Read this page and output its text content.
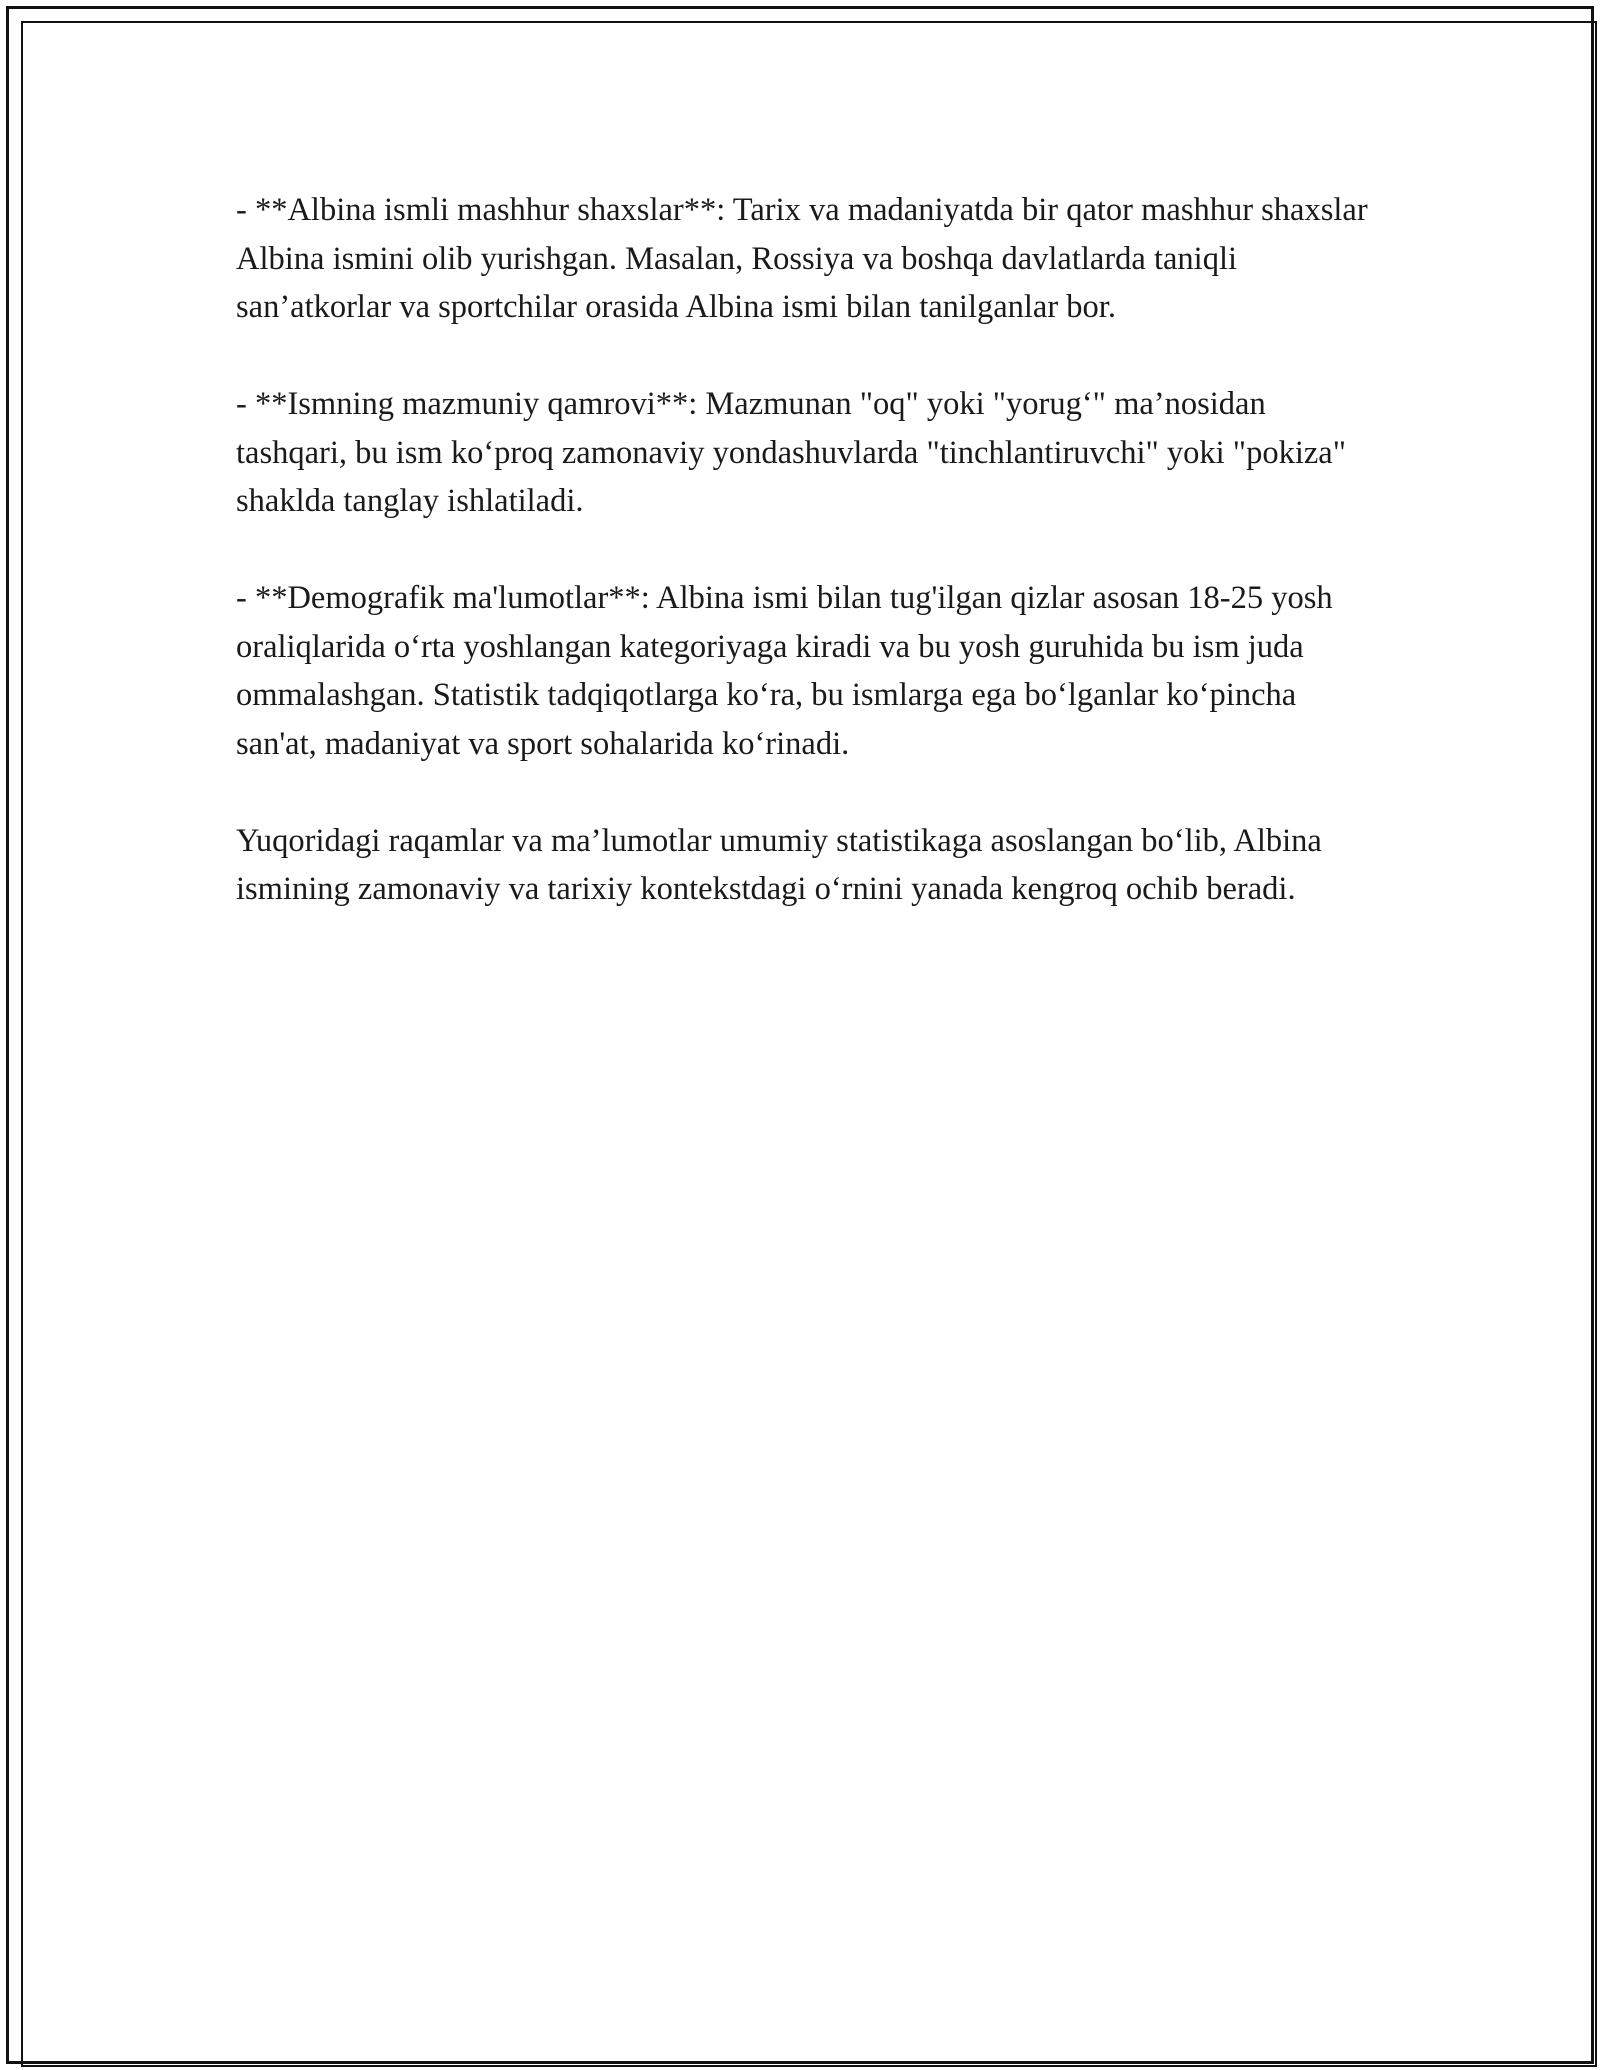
- **Albina ismli mashhur shaxslar**: Tarix va madaniyatda bir qator mashhur shaxslar Albina ismini olib yurishgan. Masalan, Rossiya va boshqa davlatlarda taniqli san’atkorlar va sportchilar orasida Albina ismi bilan tanilganlar bor.

- **Ismning mazmuniy qamrovi**: Mazmunan "oq" yoki "yorug‘" ma’nosidan tashqari, bu ism ko‘proq zamonaviy yondashuvlarda "tinchlantiruvchi" yoki "pokiza" shaklda tanglay ishlatiladi.

- **Demografik ma'lumotlar**: Albina ismi bilan tug'ilgan qizlar asosan 18-25 yosh oraliqlarida o‘rta yoshlangan kategoriyaga kiradi va bu yosh guruhida bu ism juda ommalashgan. Statistik tadqiqotlarga ko‘ra, bu ismlarga ega bo‘lganlar ko‘pincha san'at, madaniyat va sport sohalarida ko‘rinadi.

Yuqoridagi raqamlar va ma’lumotlar umumiy statistikaga asoslangan bo‘lib, Albina ismining zamonaviy va tarixiy kontekstdagi o‘rnini yanada kengroq ochib beradi.
